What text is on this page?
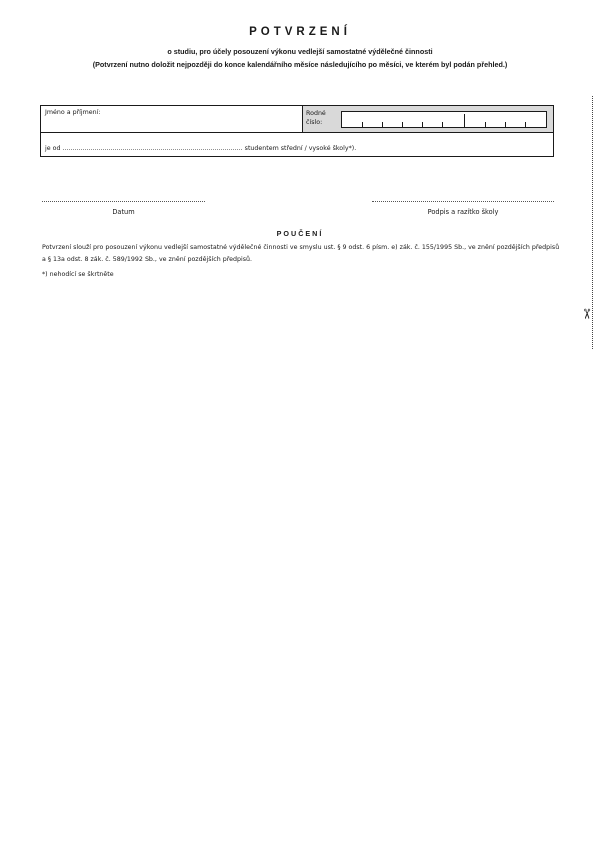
POTVRZENÍ
o studiu, pro účely posouzení výkonu vedlejší samostatné výdělečné činnosti
(Potvrzení nutno doložit nejpozději do konce kalendářního měsíce následujícího po měsíci, ve kterém byl podán přehled.)
Jméno a příjmení:	Rodné
číslo:
je od .......................................................................................... studentem střední / vysoké školy*).
Datum	Podpis a razítko školy
POUČENÍ
Potvrzení slouží pro posouzení výkonu vedlejší samostatné výdělečné činnosti ve smyslu ust. § 9 odst. 6 písm. e) zák. č. 155/1995 Sb., ve znění pozdějších předpisů a § 13a odst. 8 zák. č. 589/1992 Sb., ve znění pozdějších předpisů.
*) nehodící se škrtněte
✂
